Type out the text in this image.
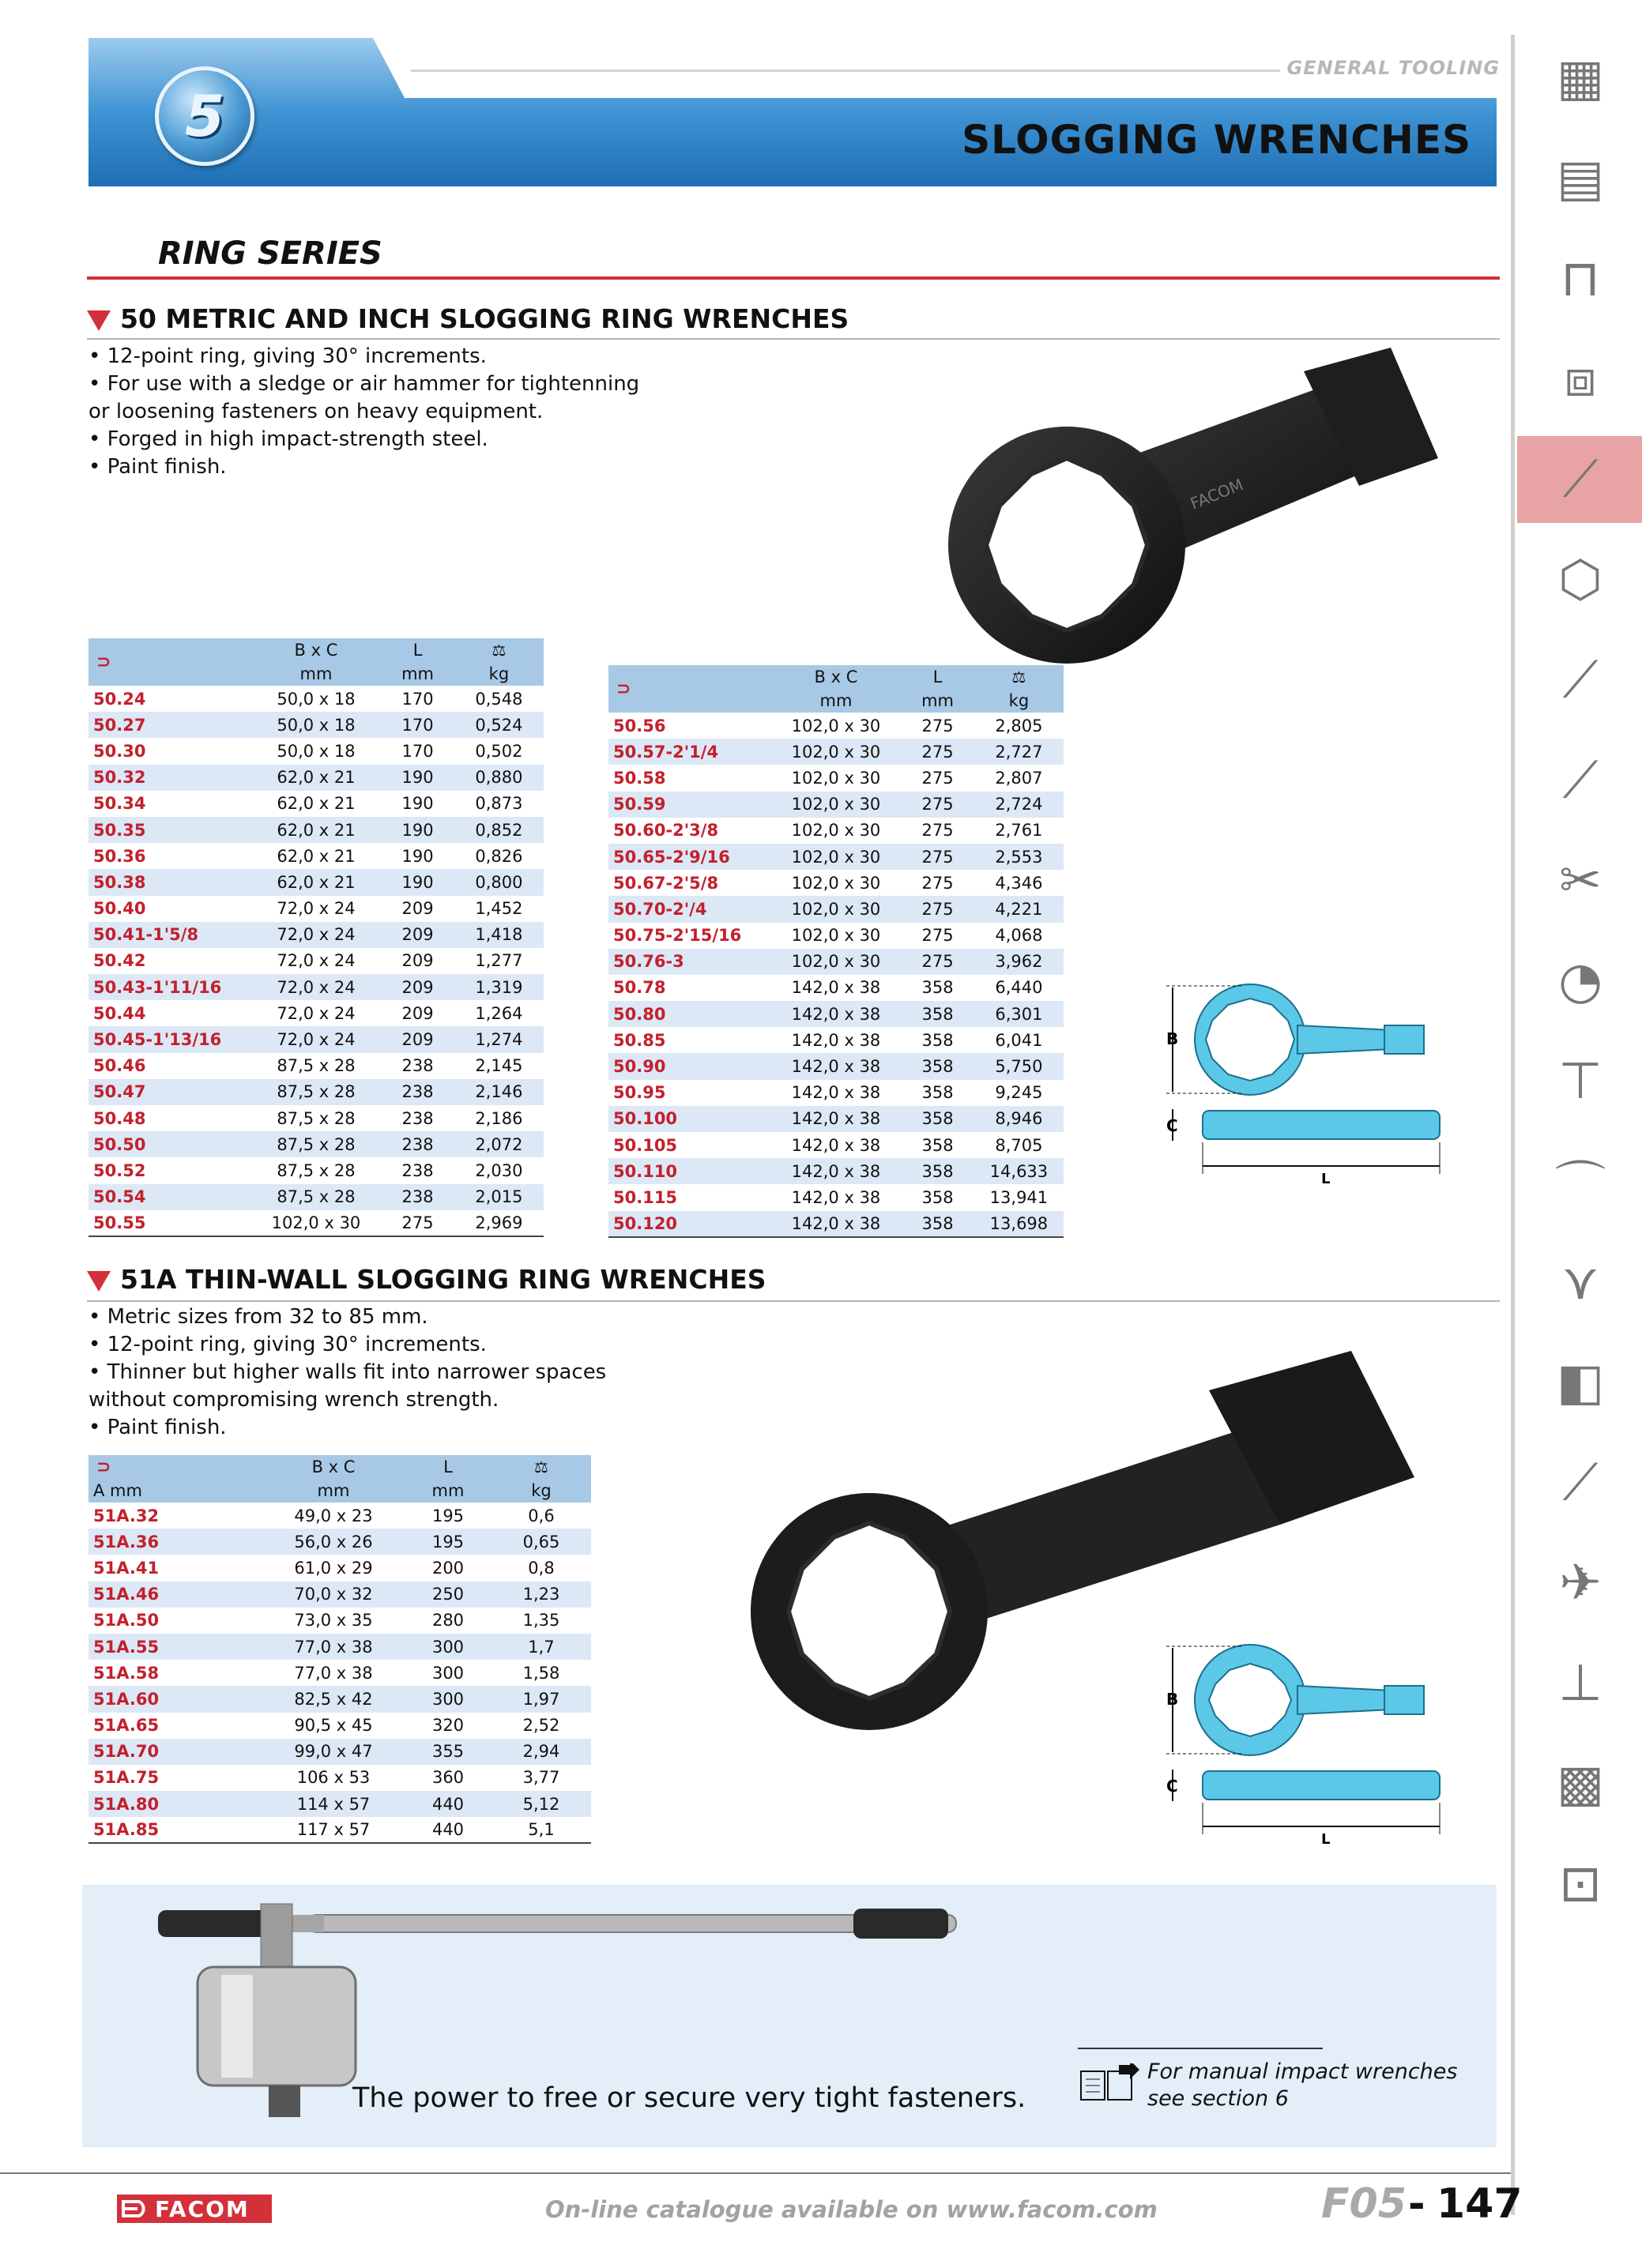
GENERAL TOOLING
SLOGGING WRENCHES
5
RING SERIES
50 METRIC AND INCH SLOGGING RING WRENCHES
• 12-point ring, giving 30° increments.
• For use with a sledge or air hammer for tightenning
or loosening fasteners on heavy equipment.
• Forged in high impact-strength steel.
• Paint finish.
FACOM
⊃	B x C	L	⚖
	mm	mm	kg
50.24	50,0 x 18	170	0,548
50.27	50,0 x 18	170	0,524
50.30	50,0 x 18	170	0,502
50.32	62,0 x 21	190	0,880
50.34	62,0 x 21	190	0,873
50.35	62,0 x 21	190	0,852
50.36	62,0 x 21	190	0,826
50.38	62,0 x 21	190	0,800
50.40	72,0 x 24	209	1,452
50.41-1'5/8	72,0 x 24	209	1,418
50.42	72,0 x 24	209	1,277
50.43-1'11/16	72,0 x 24	209	1,319
50.44	72,0 x 24	209	1,264
50.45-1'13/16	72,0 x 24	209	1,274
50.46	87,5 x 28	238	2,145
50.47	87,5 x 28	238	2,146
50.48	87,5 x 28	238	2,186
50.50	87,5 x 28	238	2,072
50.52	87,5 x 28	238	2,030
50.54	87,5 x 28	238	2,015
50.55	102,0 x 30	275	2,969
⊃	B x C	L	⚖
	mm	mm	kg
50.56	102,0 x 30	275	2,805
50.57-2'1/4	102,0 x 30	275	2,727
50.58	102,0 x 30	275	2,807
50.59	102,0 x 30	275	2,724
50.60-2'3/8	102,0 x 30	275	2,761
50.65-2'9/16	102,0 x 30	275	2,553
50.67-2'5/8	102,0 x 30	275	4,346
50.70-2'/4	102,0 x 30	275	4,221
50.75-2'15/16	102,0 x 30	275	4,068
50.76-3	102,0 x 30	275	3,962
50.78	142,0 x 38	358	6,440
50.80	142,0 x 38	358	6,301
50.85	142,0 x 38	358	6,041
50.90	142,0 x 38	358	5,750
50.95	142,0 x 38	358	9,245
50.100	142,0 x 38	358	8,946
50.105	142,0 x 38	358	8,705
50.110	142,0 x 38	358	14,633
50.115	142,0 x 38	358	13,941
50.120	142,0 x 38	358	13,698
B
C
L
51A THIN-WALL SLOGGING RING WRENCHES
• Metric sizes from 32 to 85 mm.
• 12-point ring, giving 30° increments.
• Thinner but higher walls fit into narrower spaces
without compromising wrench strength.
• Paint finish.
⊃	B x C	L	⚖
A mm	mm	mm	kg
51A.32	49,0 x 23	195	0,6
51A.36	56,0 x 26	195	0,65
51A.41	61,0 x 29	200	0,8
51A.46	70,0 x 32	250	1,23
51A.50	73,0 x 35	280	1,35
51A.55	77,0 x 38	300	1,7
51A.58	77,0 x 38	300	1,58
51A.60	82,5 x 42	300	1,97
51A.65	90,5 x 45	320	2,52
51A.70	99,0 x 47	355	2,94
51A.75	106 x 53	360	3,77
51A.80	114 x 57	440	5,12
51A.85	117 x 57	440	5,1
B
C
L
The power to free or secure very tight fasteners.
For manual impact wrenches
see section 6
▦
▤
⊓
⧈
⟋
⬡
⟋
⟋
✂
◔
⊤
⌒
⋎
◧
⟋
✈
⊥
▩
⊡
FACOM	On-line catalogue available on www.facom.com	F05 - 147
